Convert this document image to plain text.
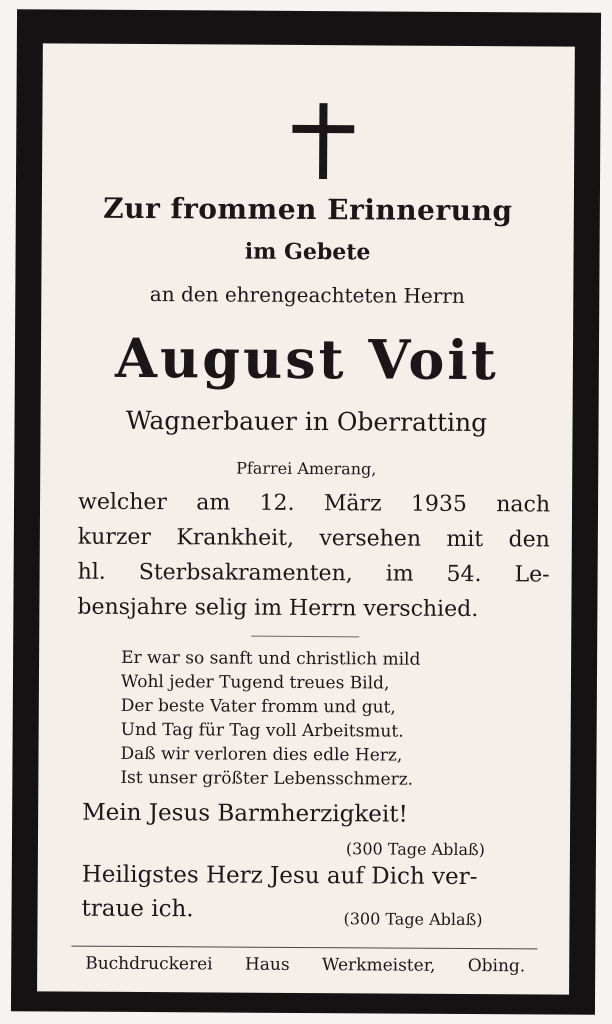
Zur frommen Erinnerung
im Gebete
an den ehrengeachteten Herrn
August Voit
Wagnerbauer in Oberratting
Pfarrei Amerang,
welcher am 12. März 1935 nach
kurzer Krankheit, versehen mit den
hl. Sterbsakramenten, im 54. Le-
bensjahre selig im Herrn verschied.
Er war so sanft und christlich mild
Wohl jeder Tugend treues Bild,
Der beste Vater fromm und gut,
Und Tag für Tag voll Arbeitsmut.
Daß wir verloren dies edle Herz,
Ist unser größter Lebensschmerz.
Mein Jesus Barmherzigkeit!
(300 Tage Ablaß)
Heiligstes Herz Jesu auf Dich ver-
traue ich.	(300 Tage Ablaß)
Buchdruckerei Haus Werkmeister, Obing.
